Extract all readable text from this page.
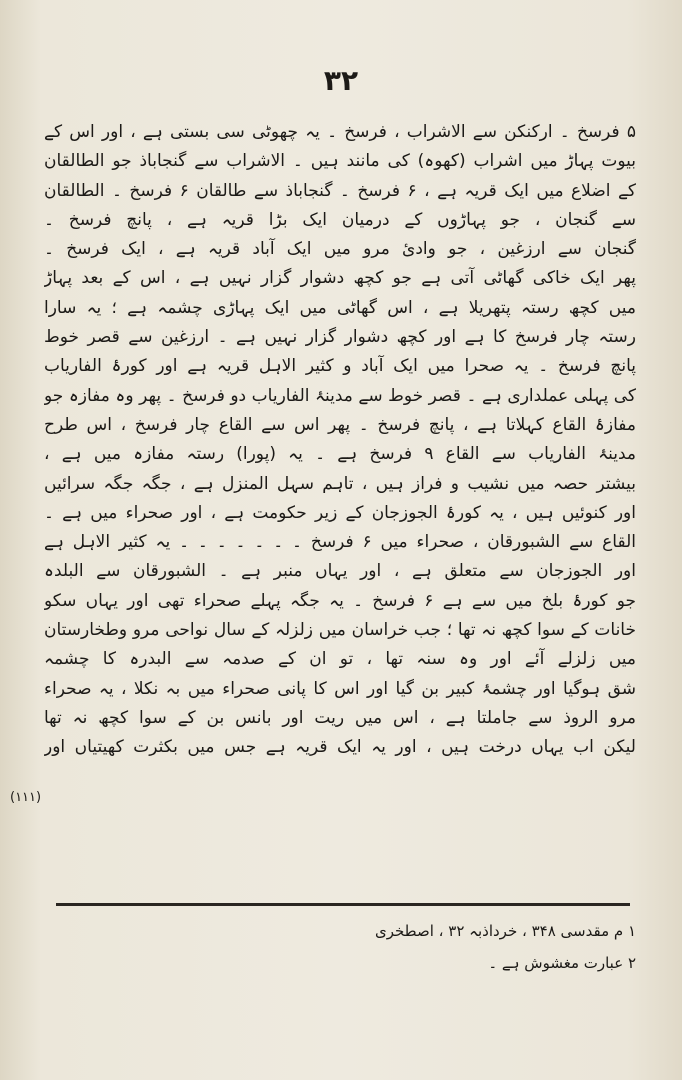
۳۲
۵ فرسخ ۔ ارکنکن سے الاشراب ، فرسخ ۔ یہ چھوٹی سی بستی ہے ، اور اس کے
بیوت پہاڑ میں اشراب (کھوہ) کی مانند ہیں ۔ الاشراب سے گنجاباذ جو الطالقان
کے اضلاع میں ایک قریہ ہے ، ۶ فرسخ ۔ گنجاباذ سے طالقان ۶ فرسخ ۔ الطالقان
سے گنجان ، جو پہاڑوں کے درمیان ایک بڑا قریہ ہے ، پانچ فرسخ ۔
گنجان سے ارزغین ، جو وادیٔ مرو میں ایک آباد قریہ ہے ، ایک فرسخ ۔
پھر ایک خاکی گھاٹی آتی ہے جو کچھ دشوار گزار نہیں ہے ، اس کے بعد پہاڑ
میں کچھ رستہ پتھریلا ہے ، اس گھاٹی میں ایک پہاڑی چشمہ ہے ؛ یہ سارا
رستہ چار فرسخ کا ہے اور کچھ دشوار گزار نہیں ہے ۔ ارزغین سے قصر خوط
پانچ فرسخ ۔ یہ صحرا میں ایک آباد و کثیر الاہل قریہ ہے اور کورۂ الفاریاب
کی پہلی عملداری ہے ۔ قصر خوط سے مدینۂ الفاریاب دو فرسخ ۔ پھر وہ مفازہ جو
مفازۂ القاع کہلاتا ہے ، پانچ فرسخ ۔ پھر اس سے القاع چار فرسخ ، اس طرح
مدینۂ الفاریاب سے القاع ۹ فرسخ ہے ۔ یہ (پورا) رستہ مفازہ میں ہے ،
بیشتر حصہ میں نشیب و فراز ہیں ، تاہم سہل المنزل ہے ، جگہ جگہ سرائیں
اور کنوئیں ہیں ، یہ کورۂ الجوزجان کے زیر حکومت ہے ، اور صحراء میں ہے ۔
القاع سے الشبورقان ، صحراء میں ۶ فرسخ ۔ ۔ ۔ ۔ ۔ ۔ ۔ یہ کثیر الاہل ہے
اور الجوزجان سے متعلق ہے ، اور یہاں منبر ہے ۔ الشبورقان سے البلدہ
جو کورۂ بلخ میں سے ہے ۶ فرسخ ۔ یہ جگہ پہلے صحراء تھی اور یہاں سکو
خانات کے سوا کچھ نہ تھا ؛ جب خراسان میں زلزلہ کے سال نواحی مرو وطخارستان
میں زلزلے آئے اور وہ سنہ تھا ، تو ان کے صدمہ سے البدرہ کا چشمہ
شق ہوگیا اور چشمۂ کبیر بن گیا اور اس کا پانی صحراء میں بہ نکلا ، یہ صحراء
مرو الروذ سے جاملتا ہے ، اس میں ریت اور بانس بن کے سوا کچھ نہ تھا
لیکن اب یہاں درخت ہیں ، اور یہ ایک قریہ ہے جس میں بکثرت کھیتیاں اور
(۱۱۱)
۱ م مقدسی ۳۴۸ ، خرداذبہ ۳۲ ، اصطخری
۲ عبارت مغشوش ہے ۔
